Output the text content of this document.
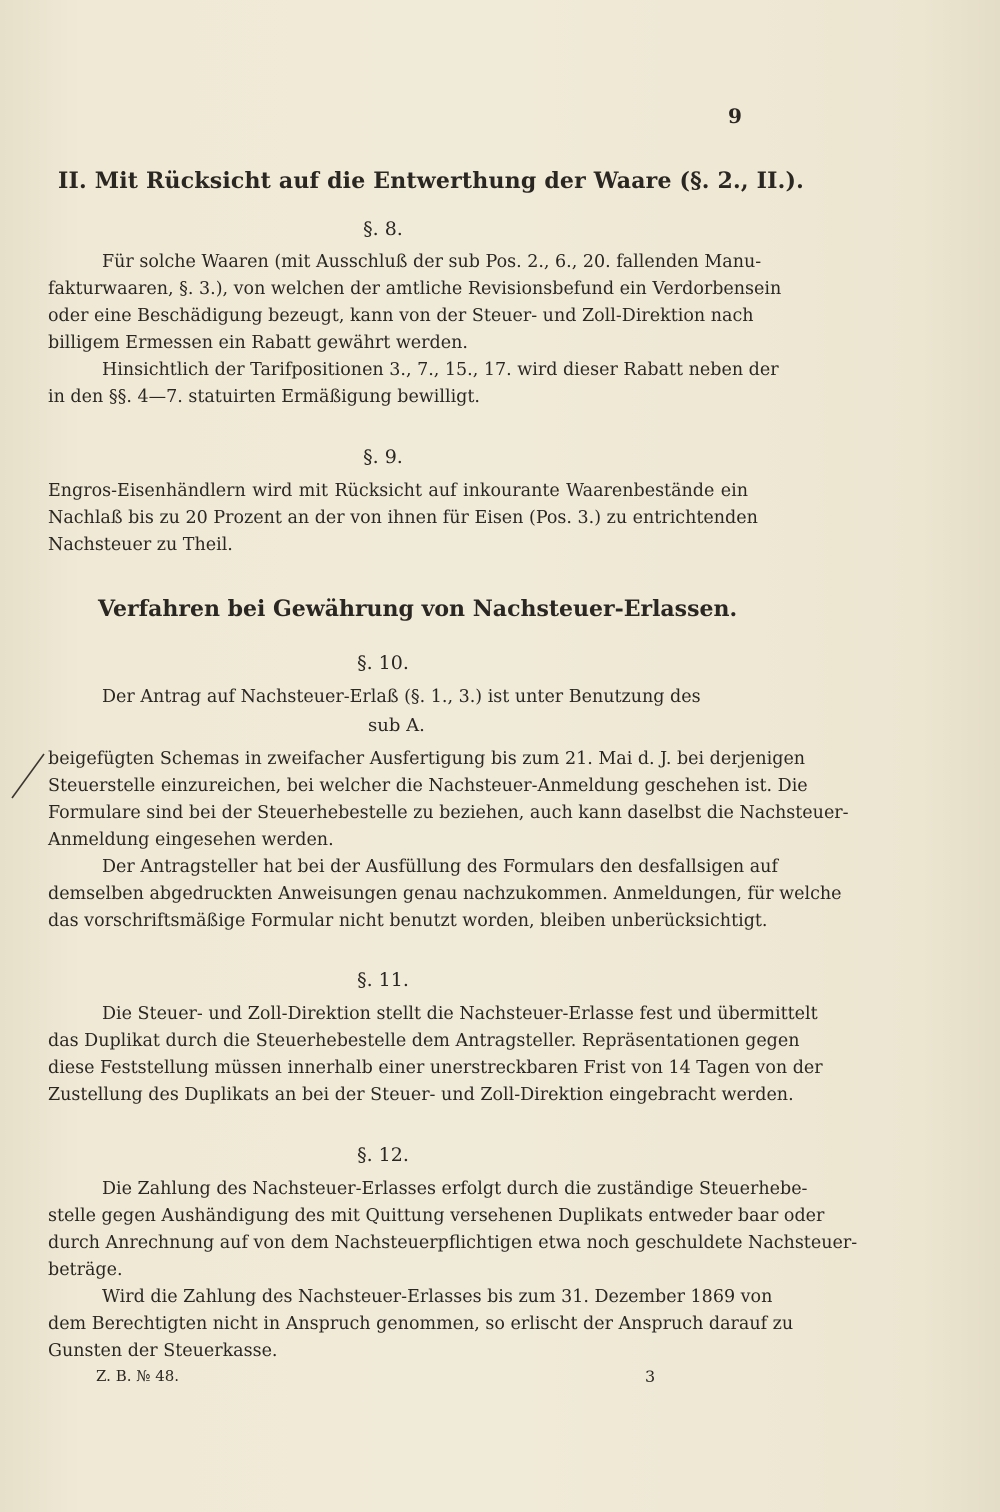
9
II. Mit Rücksicht auf die Entwerthung der Waare (§. 2., II.).
§. 8.
Für solche Waaren (mit Ausschluß der sub Pos. 2., 6., 20. fallenden Manu-
fakturwaaren, §. 3.), von welchen der amtliche Revisionsbefund ein Verdorbensein
oder eine Beschädigung bezeugt, kann von der Steuer- und Zoll-Direktion nach
billigem Ermessen ein Rabatt gewährt werden.
Hinsichtlich der Tarifpositionen 3., 7., 15., 17. wird dieser Rabatt neben der
in den §§. 4—7. statuirten Ermäßigung bewilligt.
§. 9.
Engros-Eisenhändlern wird mit Rücksicht auf inkourante Waarenbestände ein
Nachlaß bis zu 20 Prozent an der von ihnen für Eisen (Pos. 3.) zu entrichtenden
Nachsteuer zu Theil.
Verfahren bei Gewährung von Nachsteuer-Erlassen.
§. 10.
Der Antrag auf Nachsteuer-Erlaß (§. 1., 3.) ist unter Benutzung des
sub A.
beigefügten Schemas in zweifacher Ausfertigung bis zum 21. Mai d. J. bei derjenigen
Steuerstelle einzureichen, bei welcher die Nachsteuer-Anmeldung geschehen ist. Die
Formulare sind bei der Steuerhebestelle zu beziehen, auch kann daselbst die Nachsteuer-
Anmeldung eingesehen werden.
Der Antragsteller hat bei der Ausfüllung des Formulars den desfallsigen auf
demselben abgedruckten Anweisungen genau nachzukommen. Anmeldungen, für welche
das vorschriftsmäßige Formular nicht benutzt worden, bleiben unberücksichtigt.
§. 11.
Die Steuer- und Zoll-Direktion stellt die Nachsteuer-Erlasse fest und übermittelt
das Duplikat durch die Steuerhebestelle dem Antragsteller. Repräsentationen gegen
diese Feststellung müssen innerhalb einer unerstreckbaren Frist von 14 Tagen von der
Zustellung des Duplikats an bei der Steuer- und Zoll-Direktion eingebracht werden.
§. 12.
Die Zahlung des Nachsteuer-Erlasses erfolgt durch die zuständige Steuerhebe-
stelle gegen Aushändigung des mit Quittung versehenen Duplikats entweder baar oder
durch Anrechnung auf von dem Nachsteuerpflichtigen etwa noch geschuldete Nachsteuer-
beträge.
Wird die Zahlung des Nachsteuer-Erlasses bis zum 31. Dezember 1869 von
dem Berechtigten nicht in Anspruch genommen, so erlischt der Anspruch darauf zu
Gunsten der Steuerkasse.
Z. B. № 48.	3
